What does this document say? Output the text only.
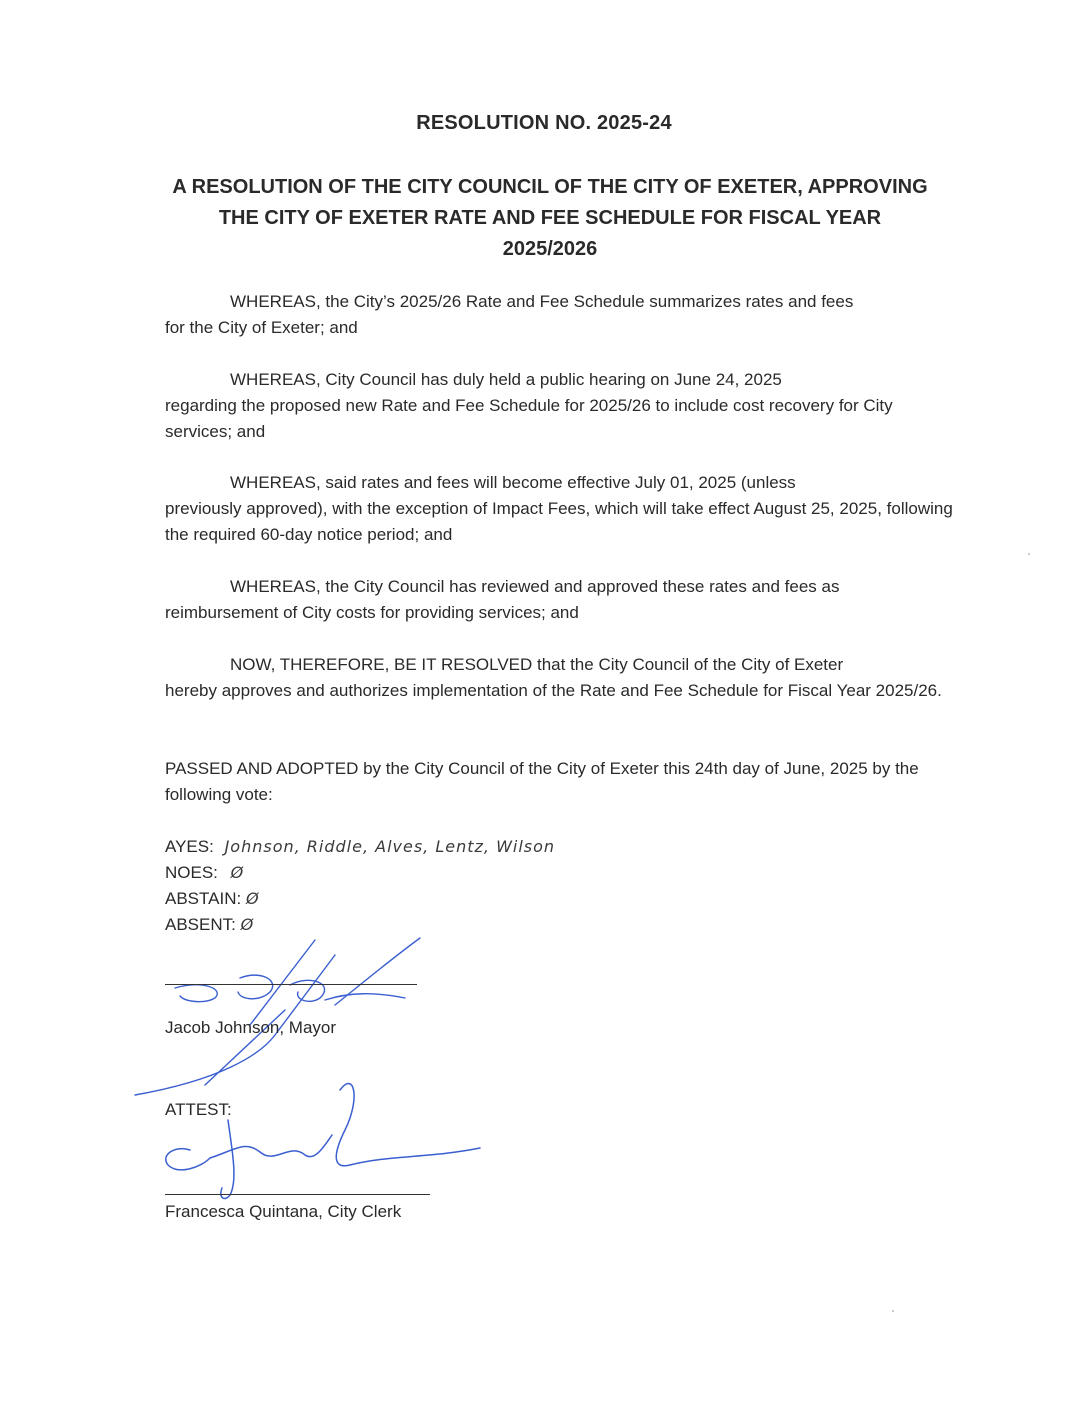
RESOLUTION NO. 2025-24
A RESOLUTION OF THE CITY COUNCIL OF THE CITY OF EXETER, APPROVING
THE CITY OF EXETER RATE AND FEE SCHEDULE FOR FISCAL YEAR
2025/2026
WHEREAS, the City’s 2025/26 Rate and Fee Schedule summarizes rates and fees
for the City of Exeter; and
WHEREAS, City Council has duly held a public hearing on June 24, 2025
regarding the proposed new Rate and Fee Schedule for 2025/26 to include cost recovery for City services; and
WHEREAS, said rates and fees will become effective July 01, 2025 (unless
previously approved), with the exception of Impact Fees, which will take effect August 25, 2025, following the required 60-day notice period; and
WHEREAS, the City Council has reviewed and approved these rates and fees as
reimbursement of City costs for providing services; and
NOW, THEREFORE, BE IT RESOLVED that the City Council of the City of Exeter
hereby approves and authorizes implementation of the Rate and Fee Schedule for Fiscal Year 2025/26.
PASSED AND ADOPTED by the City Council of the City of Exeter this 24th day of June, 2025 by the following vote:
AYES: Johnson, Riddle, Alves, Lentz, Wilson
NOES: Ø
ABSTAIN: Ø
ABSENT: Ø
Jacob Johnson, Mayor
ATTEST:
Francesca Quintana, City Clerk
